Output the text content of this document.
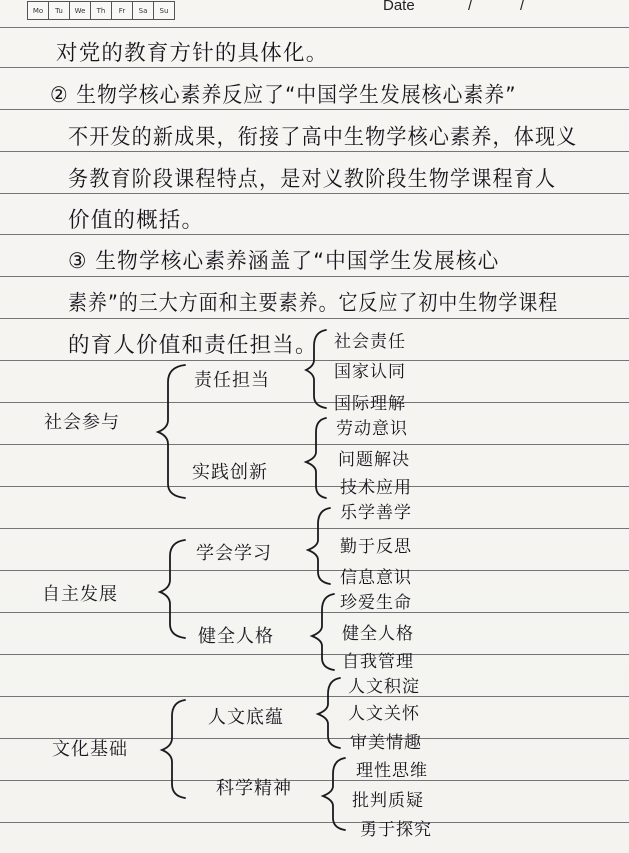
Mo	Tu	We	Th	Fr	Sa	Su	Date	/	/
对党的教育方针的具体化。
② 生物学核心素养反应了“中国学生发展核心素养”
不开发的新成果，衔接了高中生物学核心素养，体现义
务教育阶段课程特点，是对义教阶段生物学课程育人
价值的概括。
③ 生物学核心素养涵盖了“中国学生发展核心
素养”的三大方面和主要素养。它反应了初中生物学课程
的育人价值和责任担当。
社会参与
自主发展
文化基础
责任担当
实践创新
学会学习
健全人格
人文底蕴
科学精神
社会责任
国家认同
国际理解
劳动意识
问题解决
技术应用
乐学善学
勤于反思
信息意识
珍爱生命
健全人格
自我管理
人文积淀
人文关怀
审美情趣
理性思维
批判质疑
勇于探究
